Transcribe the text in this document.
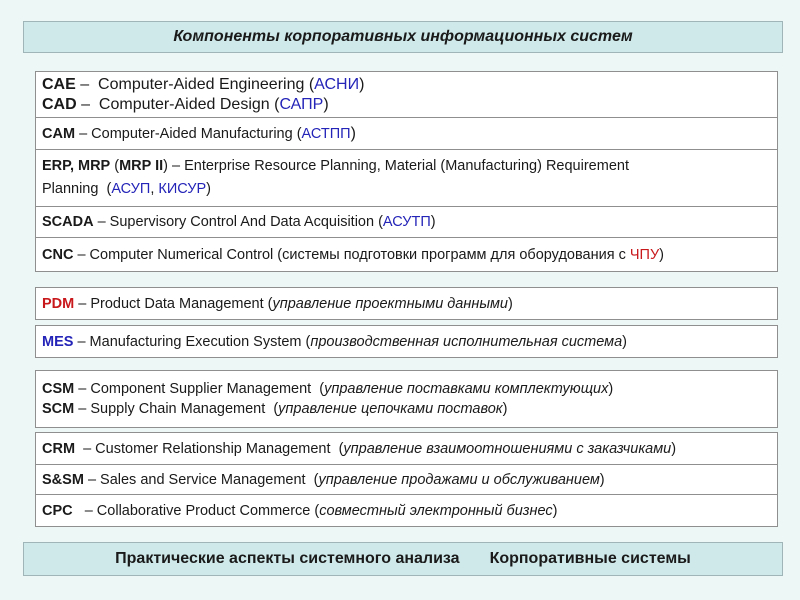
Компоненты корпоративных информационных систем
CAE – Computer-Aided Engineering (АСНИ)
CAD – Computer-Aided Design (САПР)
CAM – Computer-Aided Manufacturing (АСТПП)
ERP, MRP (MRP II) – Enterprise Resource Planning, Material (Manufacturing) Requirement
Planning  (АСУП, КИСУР)
SCADA – Supervisory Control And Data Acquisition (АСУТП)
CNC – Computer Numerical Control (системы подготовки программ для оборудования с ЧПУ)
PDM – Product Data Management (управление проектными данными)
MES – Manufacturing Execution System (производственная исполнительная система)
CSM – Component Supplier Management  (управление поставками комплектующих)
SCM – Supply Chain Management  (управление цепочками поставок)
CRM – Customer Relationship Management  (управление взаимоотношениями с заказчиками)
S&SM – Sales and Service Management  (управление продажами и обслуживанием)
CPC – Collaborative Product Commerce (совместный электронный бизнес)
Практические аспекты системного анализа Корпоративные системы
